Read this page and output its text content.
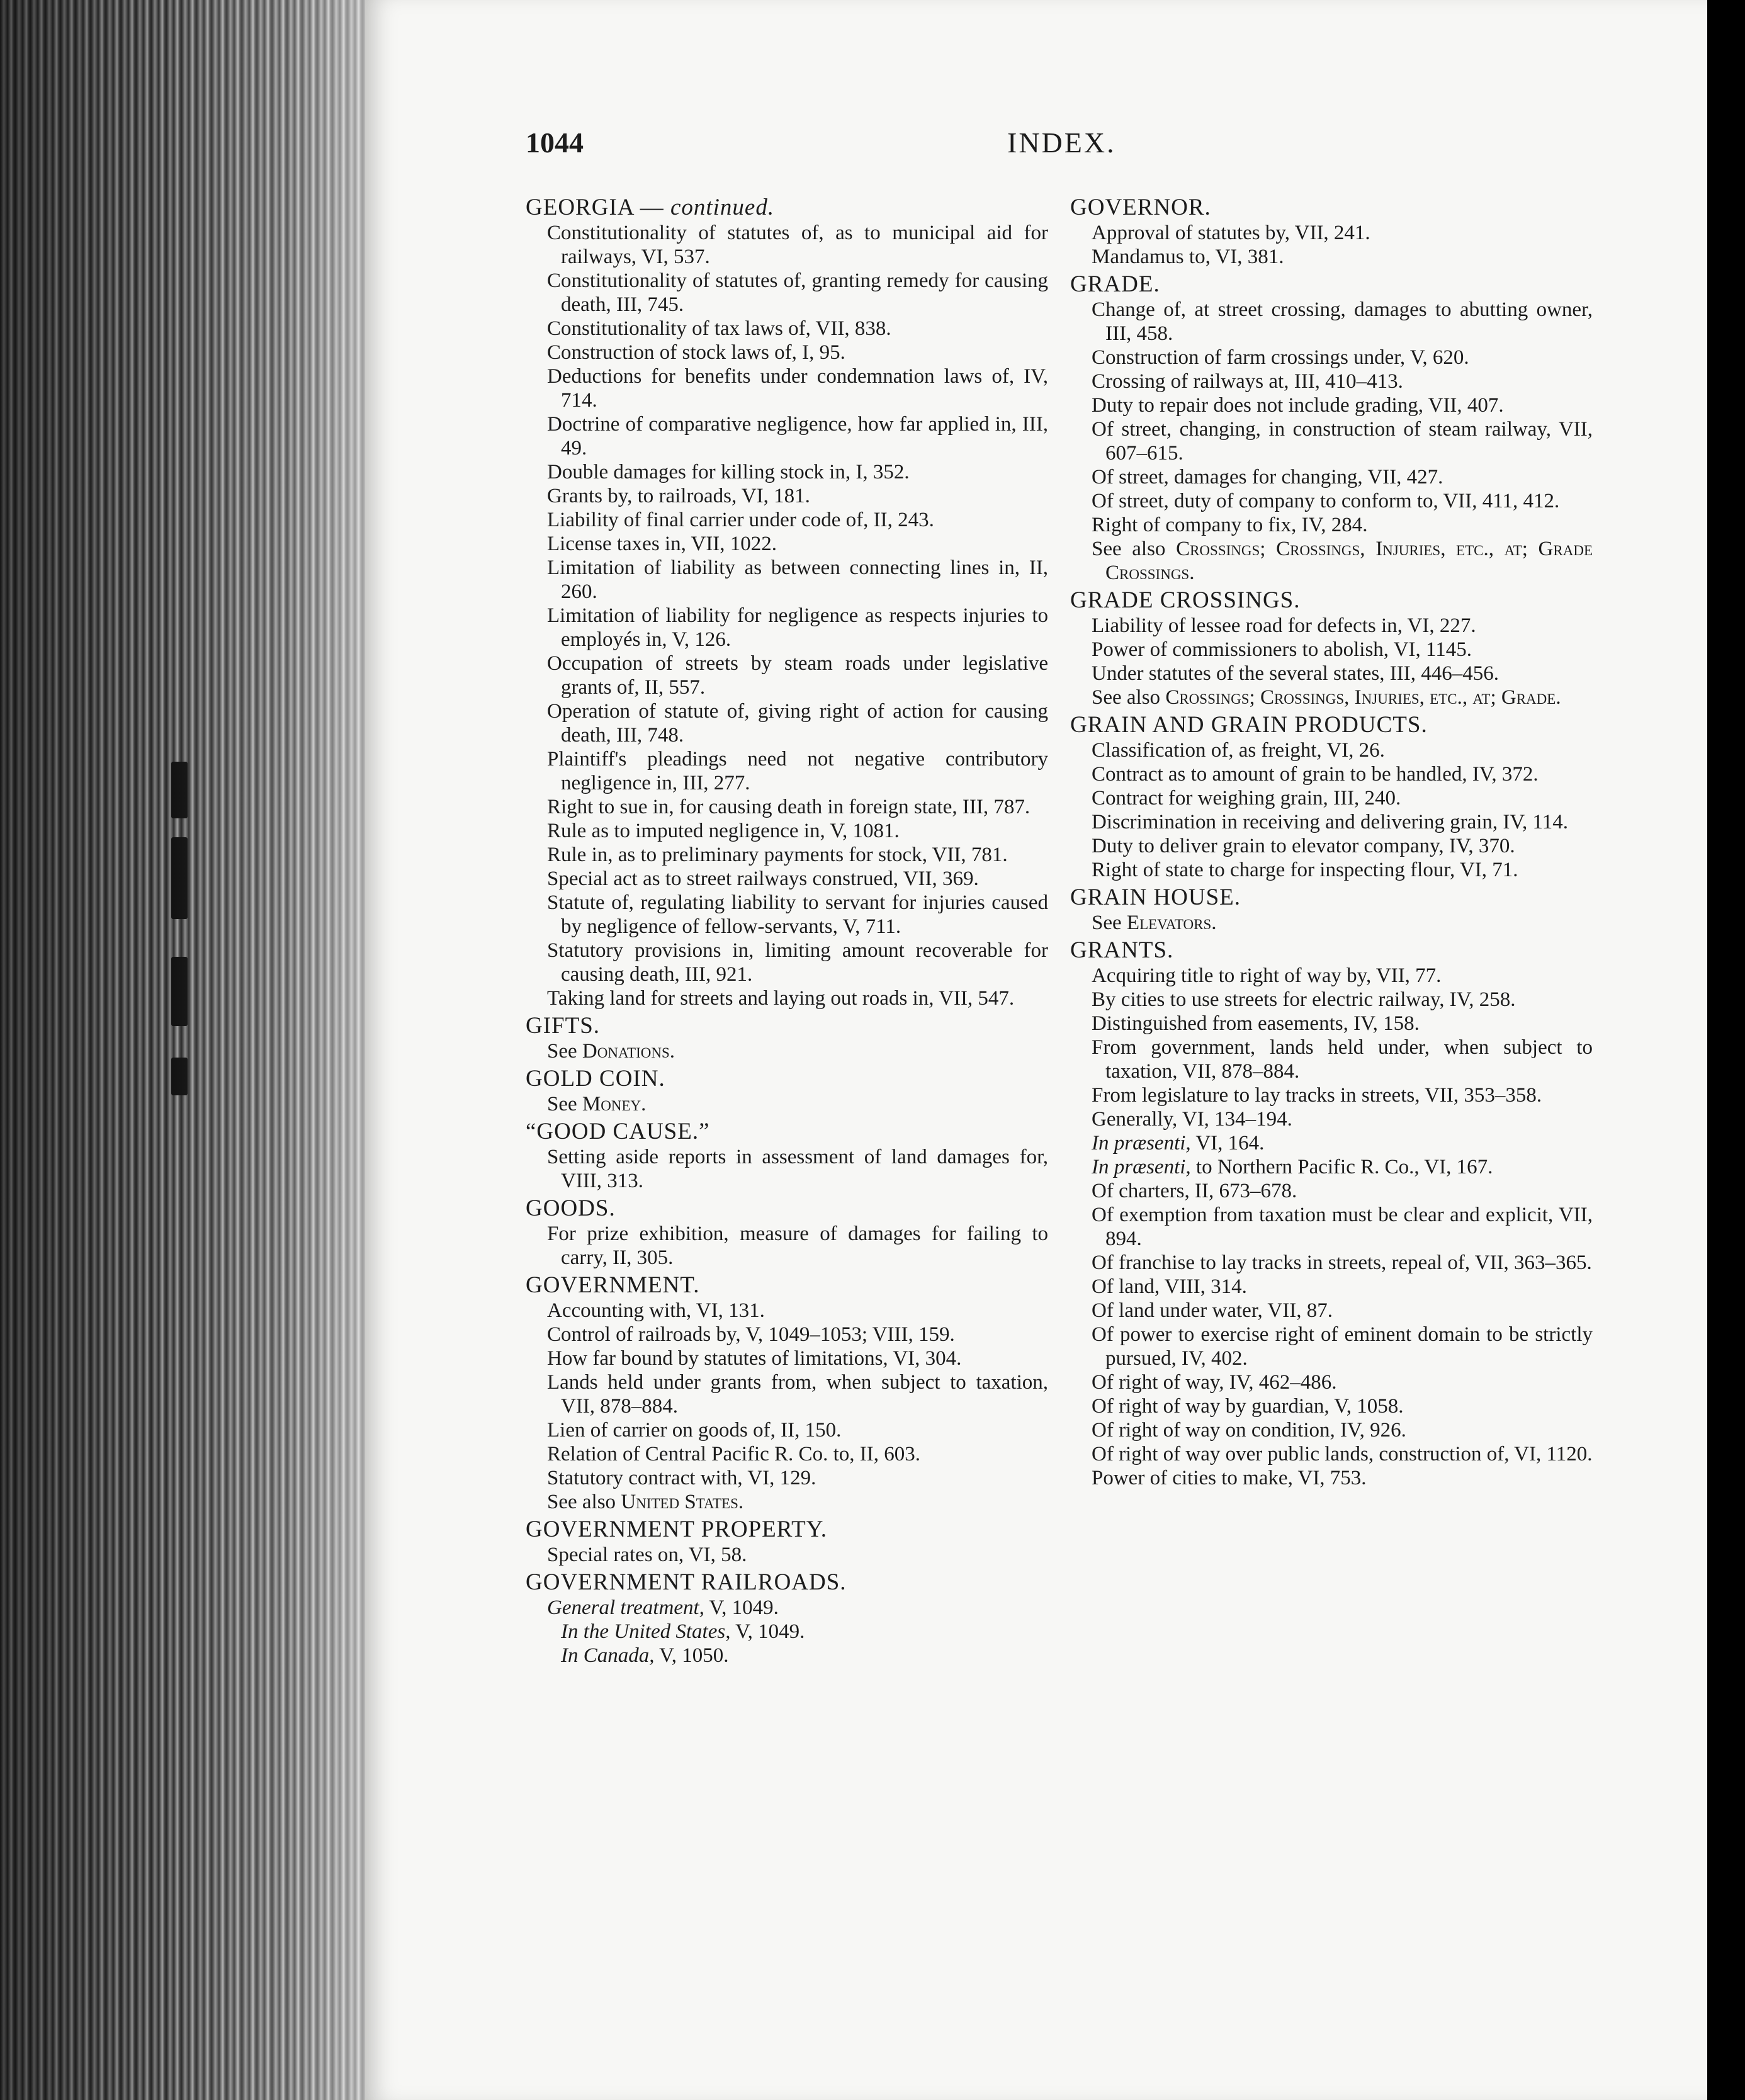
1044	INDEX.
GEORGIA — continued.
Constitutionality of statutes of, as to municipal aid for railways, VI, 537.
Constitutionality of statutes of, granting remedy for causing death, III, 745.
Constitutionality of tax laws of, VII, 838.
Construction of stock laws of, I, 95.
Deductions for benefits under condemnation laws of, IV, 714.
Doctrine of comparative negligence, how far applied in, III, 49.
Double damages for killing stock in, I, 352.
Grants by, to railroads, VI, 181.
Liability of final carrier under code of, II, 243.
License taxes in, VII, 1022.
Limitation of liability as between connecting lines in, II, 260.
Limitation of liability for negligence as respects injuries to employés in, V, 126.
Occupation of streets by steam roads under legislative grants of, II, 557.
Operation of statute of, giving right of action for causing death, III, 748.
Plaintiff's pleadings need not negative contributory negligence in, III, 277.
Right to sue in, for causing death in foreign state, III, 787.
Rule as to imputed negligence in, V, 1081.
Rule in, as to preliminary payments for stock, VII, 781.
Special act as to street railways construed, VII, 369.
Statute of, regulating liability to servant for injuries caused by negligence of fellow-servants, V, 711.
Statutory provisions in, limiting amount recoverable for causing death, III, 921.
Taking land for streets and laying out roads in, VII, 547.
GIFTS.
See Donations.
GOLD COIN.
See Money.
“GOOD CAUSE.”
Setting aside reports in assessment of land damages for, VIII, 313.
GOODS.
For prize exhibition, measure of damages for failing to carry, II, 305.
GOVERNMENT.
Accounting with, VI, 131.
Control of railroads by, V, 1049–1053; VIII, 159.
How far bound by statutes of limitations, VI, 304.
Lands held under grants from, when subject to taxation, VII, 878–884.
Lien of carrier on goods of, II, 150.
Relation of Central Pacific R. Co. to, II, 603.
Statutory contract with, VI, 129.
See also United States.
GOVERNMENT PROPERTY.
Special rates on, VI, 58.
GOVERNMENT RAILROADS.
General treatment, V, 1049.
In the United States, V, 1049.
In Canada, V, 1050.
GOVERNOR.
Approval of statutes by, VII, 241.
Mandamus to, VI, 381.
GRADE.
Change of, at street crossing, damages to abutting owner, III, 458.
Construction of farm crossings under, V, 620.
Crossing of railways at, III, 410–413.
Duty to repair does not include grading, VII, 407.
Of street, changing, in construction of steam railway, VII, 607–615.
Of street, damages for changing, VII, 427.
Of street, duty of company to conform to, VII, 411, 412.
Right of company to fix, IV, 284.
See also Crossings; Crossings, Injuries, etc., at; Grade Crossings.
GRADE CROSSINGS.
Liability of lessee road for defects in, VI, 227.
Power of commissioners to abolish, VI, 1145.
Under statutes of the several states, III, 446–456.
See also Crossings; Crossings, Injuries, etc., at; Grade.
GRAIN AND GRAIN PRODUCTS.
Classification of, as freight, VI, 26.
Contract as to amount of grain to be handled, IV, 372.
Contract for weighing grain, III, 240.
Discrimination in receiving and delivering grain, IV, 114.
Duty to deliver grain to elevator company, IV, 370.
Right of state to charge for inspecting flour, VI, 71.
GRAIN HOUSE.
See Elevators.
GRANTS.
Acquiring title to right of way by, VII, 77.
By cities to use streets for electric railway, IV, 258.
Distinguished from easements, IV, 158.
From government, lands held under, when subject to taxation, VII, 878–884.
From legislature to lay tracks in streets, VII, 353–358.
Generally, VI, 134–194.
In præsenti, VI, 164.
In præsenti, to Northern Pacific R. Co., VI, 167.
Of charters, II, 673–678.
Of exemption from taxation must be clear and explicit, VII, 894.
Of franchise to lay tracks in streets, repeal of, VII, 363–365.
Of land, VIII, 314.
Of land under water, VII, 87.
Of power to exercise right of eminent domain to be strictly pursued, IV, 402.
Of right of way, IV, 462–486.
Of right of way by guardian, V, 1058.
Of right of way on condition, IV, 926.
Of right of way over public lands, construction of, VI, 1120.
Power of cities to make, VI, 753.
